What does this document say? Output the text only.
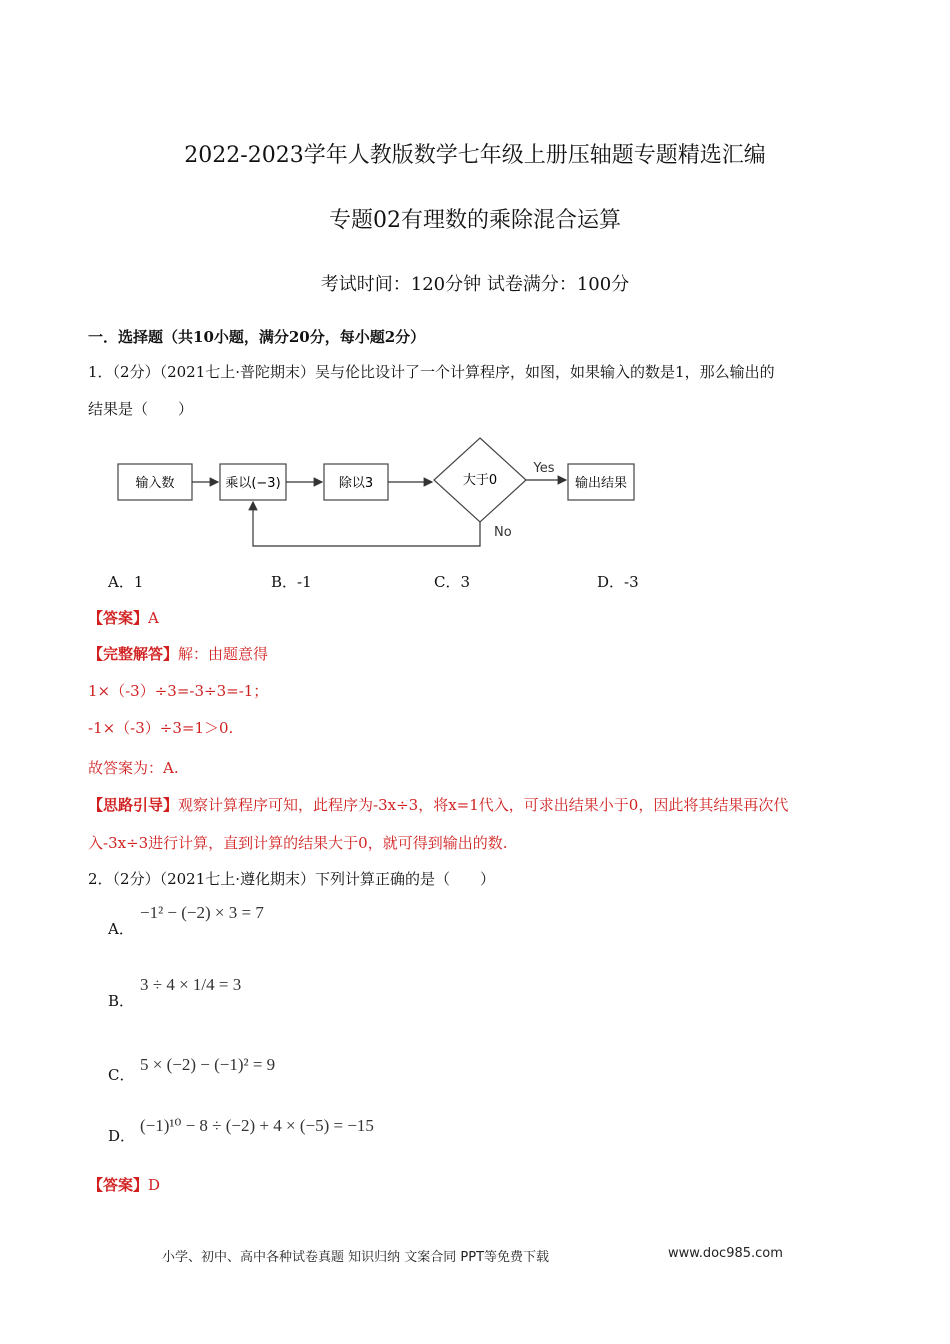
2022-2023学年人教版数学七年级上册压轴题专题精选汇编
专题02有理数的乘除混合运算
考试时间：120分钟 试卷满分：100分
一．选择题（共10小题，满分20分，每小题2分）
1．（2分）（2021七上·普陀期末）吴与伦比设计了一个计算程序，如图，如果输入的数是1，那么输出的
结果是（　　）
输入数	乘以(−3)	除以3	大于0	输出结果
Yes
No
A．1	B．-1	C．3	D．-3
【答案】A
【完整解答】解：由题意得
1×（-3）÷3=-3÷3=-1；
-1×（-3）÷3=1＞0.
故答案为：A.
【思路引导】观察计算程序可知，此程序为-3x÷3，将x=1代入，可求出结果小于0，因此将其结果再次代
入-3x÷3进行计算，直到计算的结果大于0，就可得到输出的数.
2．（2分）（2021七上·遵化期末）下列计算正确的是（　　）
A．
−1² − (−2) × 3 = 7
B．
3 ÷ 4 × 1/4 = 3
C．
5 × (−2) − (−1)² = 9
D．
(−1)¹⁰ − 8 ÷ (−2) + 4 × (−5) = −15
【答案】D
小学、初中、高中各种试卷真题 知识归纳 文案合同 PPT等免费下载	www.doc985.com
